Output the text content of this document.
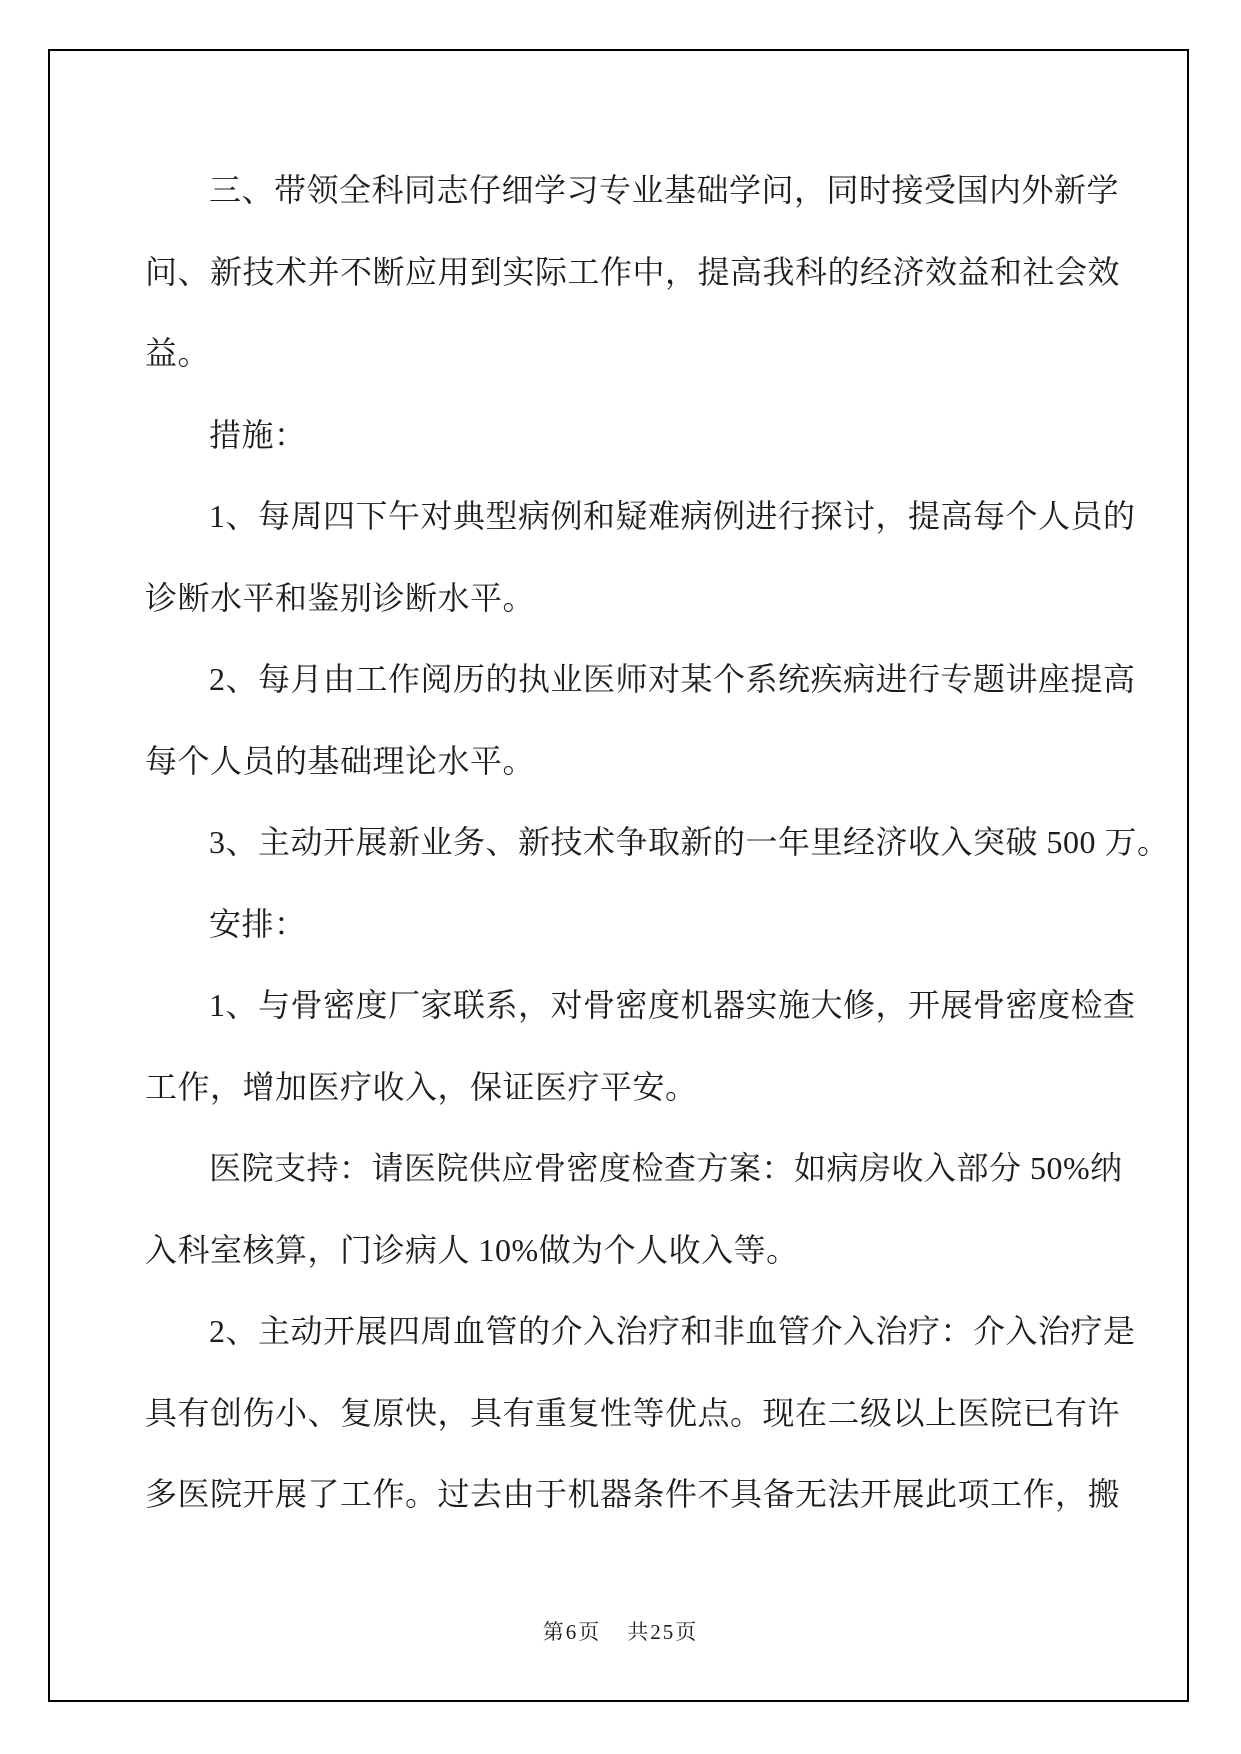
三、带领全科同志仔细学习专业基础学问，同时接受国内外新学
问、新技术并不断应用到实际工作中，提高我科的经济效益和社会效
益。
措施：
1、每周四下午对典型病例和疑难病例进行探讨，提高每个人员的
诊断水平和鉴别诊断水平。
2、每月由工作阅历的执业医师对某个系统疾病进行专题讲座提高
每个人员的基础理论水平。
3、主动开展新业务、新技术争取新的一年里经济收入突破 500 万。
安排：
1、与骨密度厂家联系，对骨密度机器实施大修，开展骨密度检查
工作，增加医疗收入，保证医疗平安。
医院支持：请医院供应骨密度检查方案：如病房收入部分 50%纳
入科室核算，门诊病人 10%做为个人收入等。
2、主动开展四周血管的介入治疗和非血管介入治疗：介入治疗是
具有创伤小、复原快，具有重复性等优点。现在二级以上医院已有许
多医院开展了工作。过去由于机器条件不具备无法开展此项工作，搬
第6页 共25页
